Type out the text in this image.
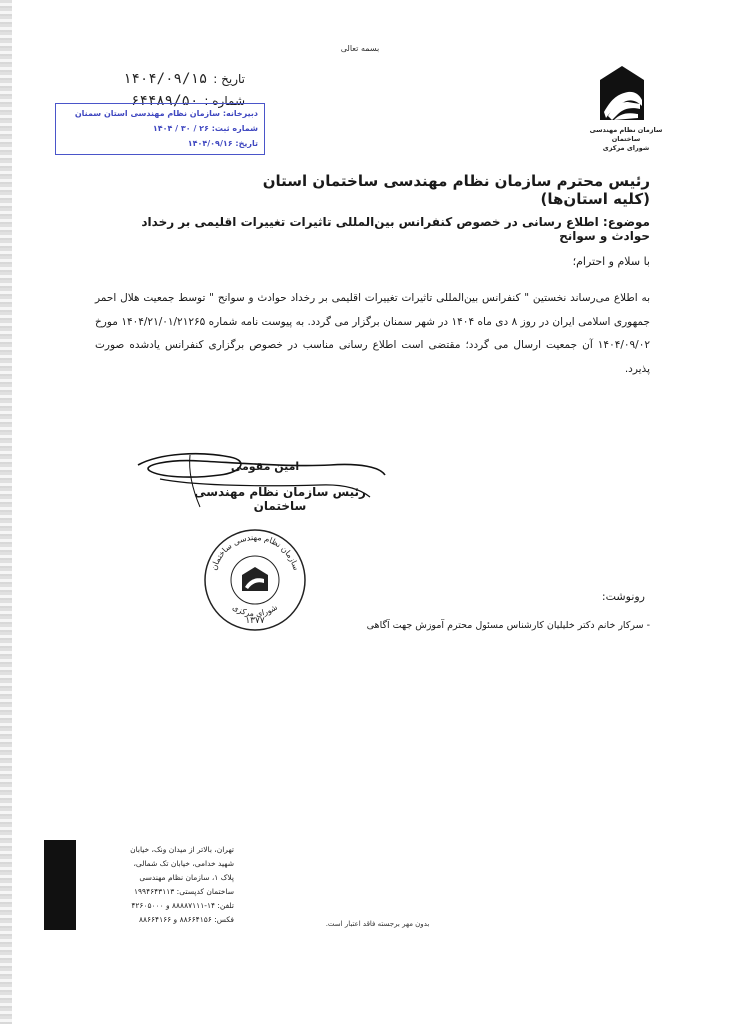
بسمه تعالی
سازمان نظام مهندسی ساختمان
شورای مرکزی
تاریخ :
۱۴۰۴/۰۹/۱۵
شماره :
۶۴۴۸۹/۵۰
دبیرخانه: سازمان نظام مهندسی استان سمنان
شماره ثبت: ۲۶ / ۳۰ / ۱۴۰۴
تاریخ: ۱۴۰۴/۰۹/۱۶
رئیس محترم سازمان نظام مهندسی ساختمان استان (کلیه استان‌ها)
موضوع: اطلاع رسانی در خصوص کنفرانس بین‌المللی تاثیرات تغییرات اقلیمی بر رخداد حوادث و سوانح
با سلام و احترام؛
به اطلاع می‌رساند نخستین " کنفرانس بین‌المللی تاثیرات تغییرات اقلیمی بر رخداد حوادث و سوانح " توسط جمعیت هلال احمر جمهوری اسلامی ایران در روز ۸ دی ماه ۱۴۰۴ در شهر سمنان برگزار می گردد. به پیوست نامه شماره ۱۴۰۴/۲۱/۰۱/۲۱۲۶۵ مورخ ۱۴۰۴/۰۹/۰۲ آن جمعیت ارسال می گردد؛ مقتضی است اطلاع رسانی مناسب در خصوص برگزاری کنفرانس یادشده صورت پذیرد.
امین مقومی
رئیس سازمان نظام مهندسی ساختمان
سازمان نظام مهندسی ساختمان
شورای مرکزی
۱۳۷۷
رونوشت:
- سرکار خانم دکتر خلیلیان کارشناس مسئول محترم آموزش جهت آگاهی
تهران، بالاتر از میدان ونک، خیابان
شهید خدامی، خیابان تک شمالی،
پلاک ۱، سازمان نظام مهندسی
ساختمان کدپستی: ۱۹۹۴۶۴۳۱۱۳
تلفن: ۱۴-۸۸۸۸۷۱۱۱ و ۴۲۶۰۵۰۰۰
فکس: ۸۸۶۶۴۱۵۶ و ۸۸۶۶۴۱۶۶	بدون مهر برجسته فاقد اعتبار است.
